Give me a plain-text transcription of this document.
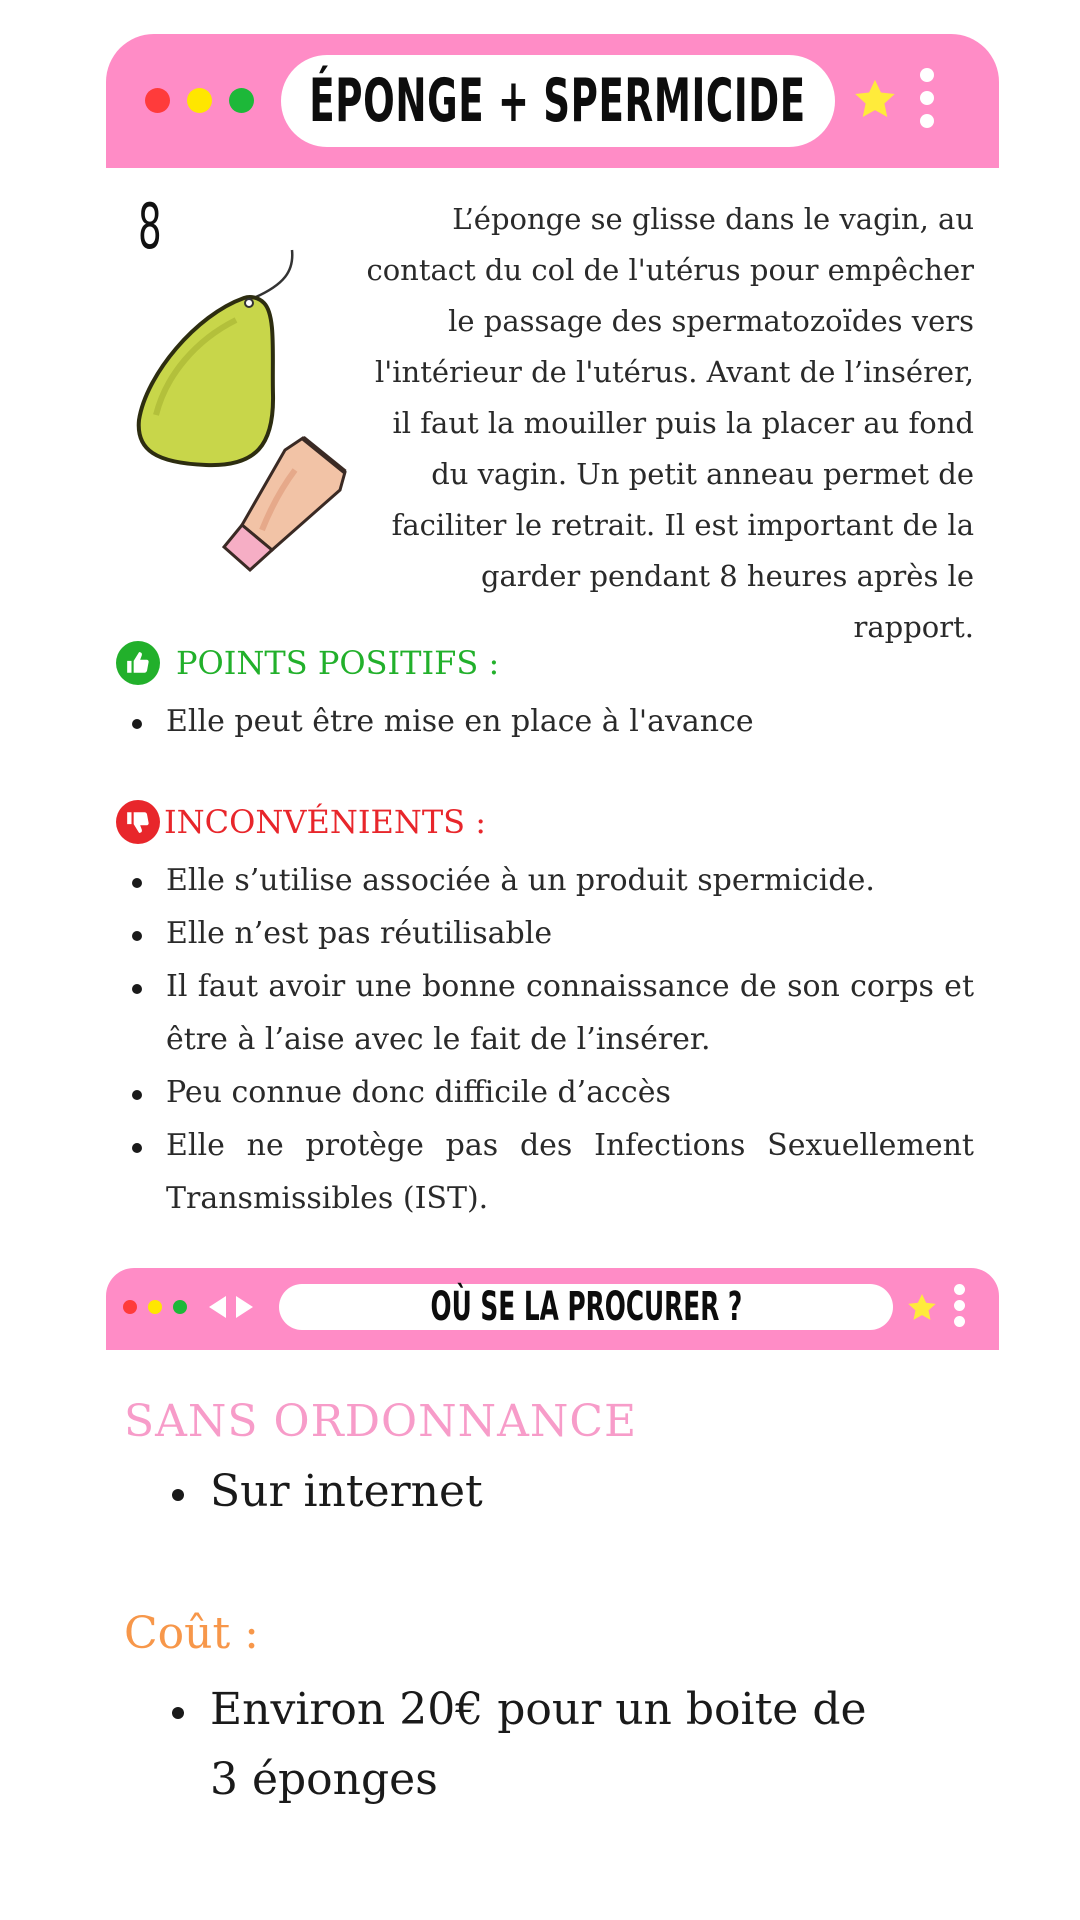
ÉPONGE + SPERMICIDE
8	L’éponge se glisse dans le vagin, au contact du col de l'utérus pour empêcher le passage des spermatozoïdes vers l'intérieur de l'utérus. Avant de l’insérer, il faut la mouiller puis la placer au fond du vagin. Un petit anneau permet de faciliter le retrait. Il est important de la garder pendant 8 heures après le rapport.
POINTS POSITIFS :
Elle peut être mise en place à l'avance
INCONVÉNIENTS :
Elle s’utilise associée à un produit spermicide.
Elle n’est pas réutilisable
Il faut avoir une bonne connaissance de son corps et être à l’aise avec le fait de l’insérer.
Peu connue donc difficile d’accès
Elle ne protège pas des Infections Sexuellement Transmissibles (IST).
OÙ SE LA PROCURER ?
SANS ORDONNANCE
Sur internet
Coût :
Environ 20€ pour un boite de 3 éponges
